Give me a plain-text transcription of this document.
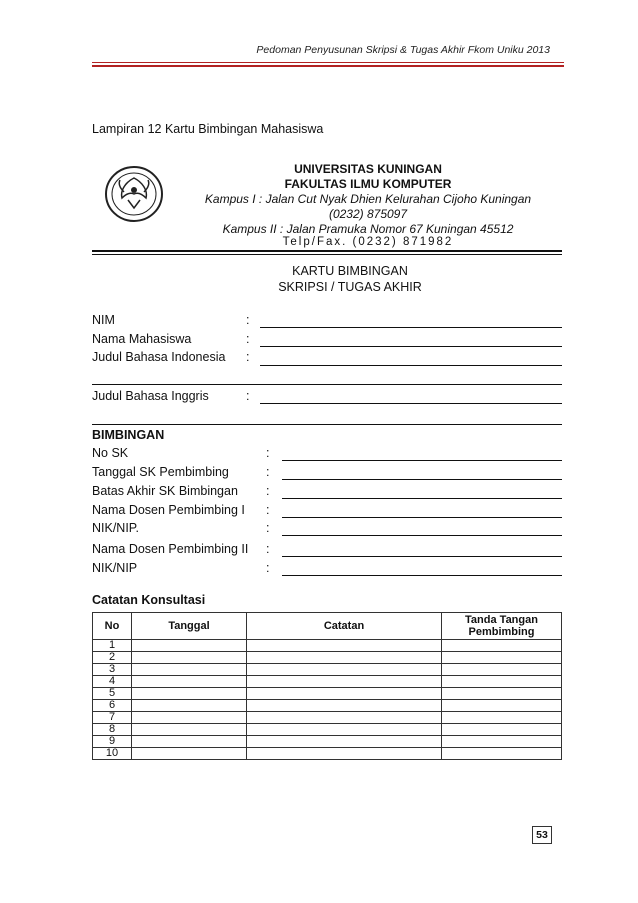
Pedoman Penyusunan Skripsi & Tugas Akhir Fkom Uniku 2013
Lampiran 12 Kartu Bimbingan Mahasiswa
UNIVERSITAS KUNINGAN
FAKULTAS ILMU KOMPUTER
Kampus I : Jalan Cut Nyak Dhien Kelurahan Cijoho Kuningan
(0232) 875097
Kampus II : Jalan Pramuka Nomor 67 Kuningan 45512
Telp/Fax. (0232) 871982
KARTU BIMBINGAN
SKRIPSI / TUGAS AKHIR
NIM	:
Nama Mahasiswa	:
Judul Bahasa Indonesia :
Judul Bahasa Inggris	:
BIMBINGAN
No SK	:
Tanggal SK Pembimbing	:
Batas Akhir SK Bimbingan :
Nama Dosen Pembimbing I :
NIK/NIP.	:
Nama Dosen Pembimbing II :
NIK/NIP	:
Catatan Konsultasi
No	Tanggal	Catatan	Tanda Tangan
Pembimbing
1			
2			
3			
4			
5			
6			
7			
8			
9			
10			
53
